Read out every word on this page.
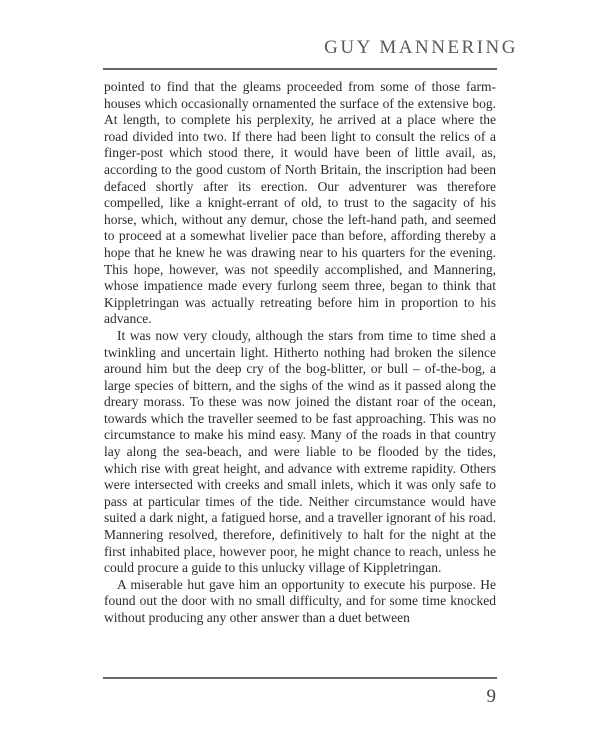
GUY MANNERING

pointed to find that the gleams proceeded from some of those farmhouses which occasionally ornamented the surface of the extensive bog. At length, to complete his perplexity, he arrived at a place where the road divided into two. If there had been light to consult the relics of a finger-post which stood there, it would have been of little avail, as, according to the good custom of North Britain, the inscription had been defaced shortly after its erection. Our adventurer was therefore compelled, like a knight-errant of old, to trust to the sagacity of his horse, which, without any demur, chose the left-hand path, and seemed to proceed at a somewhat livelier pace than before, affording thereby a hope that he knew he was drawing near to his quarters for the evening. This hope, however, was not speedily accomplished, and Mannering, whose impatience made every furlong seem three, began to think that Kippletringan was actually retreating before him in proportion to his advance.

It was now very cloudy, although the stars from time to time shed a twinkling and uncertain light. Hitherto nothing had broken the silence around him but the deep cry of the bog-blitter, or bull – of-the-bog, a large species of bittern, and the sighs of the wind as it passed along the dreary morass. To these was now joined the distant roar of the ocean, towards which the traveller seemed to be fast approaching. This was no circumstance to make his mind easy. Many of the roads in that country lay along the sea-beach, and were liable to be flooded by the tides, which rise with great height, and advance with extreme rapidity. Others were intersected with creeks and small inlets, which it was only safe to pass at particular times of the tide. Neither circumstance would have suited a dark night, a fatigued horse, and a traveller ignorant of his road. Mannering resolved, therefore, definitively to halt for the night at the first inhabited place, however poor, he might chance to reach, unless he could procure a guide to this unlucky village of Kippletringan.

A miserable hut gave him an opportunity to execute his purpose. He found out the door with no small difficulty, and for some time knocked without producing any other answer than a duet between

9
